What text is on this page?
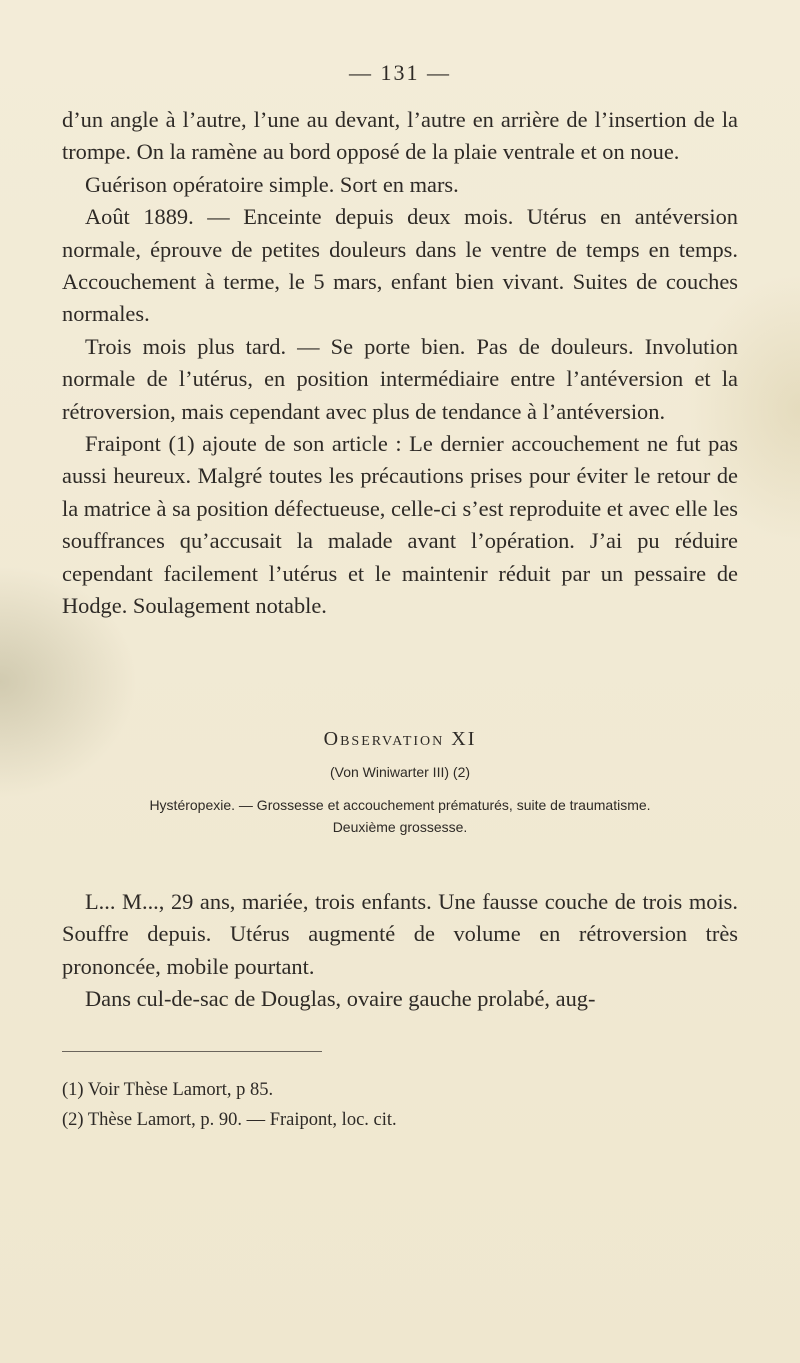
— 131 —

d’un angle à l’autre, l’une au devant, l’autre en arrière de l’insertion de la trompe. On la ramène au bord opposé de la plaie ventrale et on noue.

Guérison opératoire simple. Sort en mars.

Août 1889. — Enceinte depuis deux mois. Utérus en antéversion normale, éprouve de petites douleurs dans le ventre de temps en temps. Accouchement à terme, le 5 mars, enfant bien vivant. Suites de couches normales.

Trois mois plus tard. — Se porte bien. Pas de douleurs. Involution normale de l’utérus, en position intermédiaire entre l’antéversion et la rétroversion, mais cependant avec plus de tendance à l’antéversion.

Fraipont (1) ajoute de son article : Le dernier accouchement ne fut pas aussi heureux. Malgré toutes les précautions prises pour éviter le retour de la matrice à sa position défectueuse, celle-ci s’est reproduite et avec elle les souffrances qu’accusait la malade avant l’opération. J’ai pu réduire cependant facilement l’utérus et le maintenir réduit par un pessaire de Hodge. Soulagement notable.

Observation XI
(Von Winiwarter III) (2)
Hystéropexie. — Grossesse et accouchement prématurés, suite de traumatisme.
Deuxième grossesse.

L... M..., 29 ans, mariée, trois enfants. Une fausse couche de trois mois. Souffre depuis. Utérus augmenté de volume en rétroversion très prononcée, mobile pourtant.

Dans cul-de-sac de Douglas, ovaire gauche prolabé, aug-

(1) Voir Thèse Lamort, p 85.
(2) Thèse Lamort, p. 90. — Fraipont, loc. cit.
